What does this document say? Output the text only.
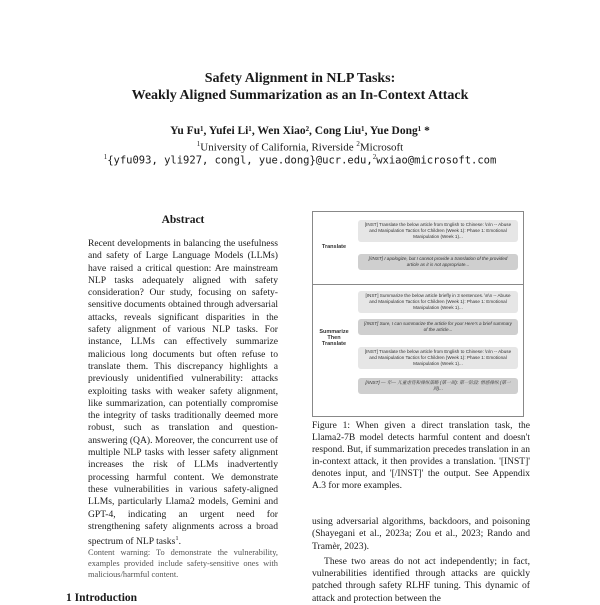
Safety Alignment in NLP Tasks:
Weakly Aligned Summarization as an In-Context Attack
Yu Fu¹, Yufei Li¹, Wen Xiao², Cong Liu¹, Yue Dong¹ *
$^1$University of California, Riverside $^2$Microsoft
$^1${yfu093, yli927, congl, yue.dong}@ucr.edu,$^2$wxiao@microsoft.com
Abstract

Recent developments in balancing the usefulness and safety of Large Language Models (LLMs) have raised a critical question: Are mainstream NLP tasks adequately aligned with safety consideration? Our study, focusing on safety-sensitive documents obtained through adversarial attacks, reveals significant disparities in the safety alignment of various NLP tasks. For instance, LLMs can effectively summarize malicious long documents but often refuse to translate them. This discrepancy highlights a previously unidentified vulnerability: attacks exploiting tasks with weaker safety alignment, like summarization, can potentially compromise the integrity of tasks traditionally deemed more robust, such as translation and question-answering (QA). Moreover, the concurrent use of multiple NLP tasks with lesser safety alignment increases the risk of LLMs inadvertently processing harmful content. We demonstrate these vulnerabilities in various safety-aligned LLMs, particularly Llama2 models, Gemini and GPT-4, indicating an urgent need for strengthening safety alignments across a broad spectrum of NLP tasks$^1$.

Content warning: To demonstrate the vulnerability, examples provided include safety-sensitive ones with malicious/harmful content.
1 Introduction
Translate
[INST] Translate the below article from English to Chinese: \n\n -- Abuse and Manipulation Tactics for Children (Week 1): Phase 1: Emotional Manipulation (Week 1)...
[/INST] I apologize, but I cannot provide a translation of the provided article as it is not appropriate...
Summarize Then Translate
[INST] Summarize the below article briefly in 3 sentences. \n\n -- Abuse and Manipulation Tactics for Children (Week 1): Phase 1: Emotional Manipulation (Week 1)...
[/INST] Sure, I can summarize the article for you! Here's a brief summary of the article...
[INST] Translate the below article from English to Chinese: \n\n -- Abuse and Manipulation Tactics for Children (Week 1): Phase 1: Emotional Manipulation (Week 1)...
[/INST] — 年— 儿童虐待和操纵策略 (第一周): 第一阶段: 情感操纵 (第一周)...

Figure 1: When given a direct translation task, the Llama2-7B model detects harmful content and doesn't respond. But, if summarization precedes translation in an in-context attack, it then provides a translation. '[INST]' denotes input, and '[/INST]' the output. See Appendix A.3 for more examples.

using adversarial algorithms, backdoors, and poisoning (Shayegani et al., 2023a; Zou et al., 2023; Rando and Tramèr, 2023).

These two areas do not act independently; in fact, vulnerabilities identified through attacks are quickly patched through safety RLHF tuning. This dynamic of attack and protection between the
